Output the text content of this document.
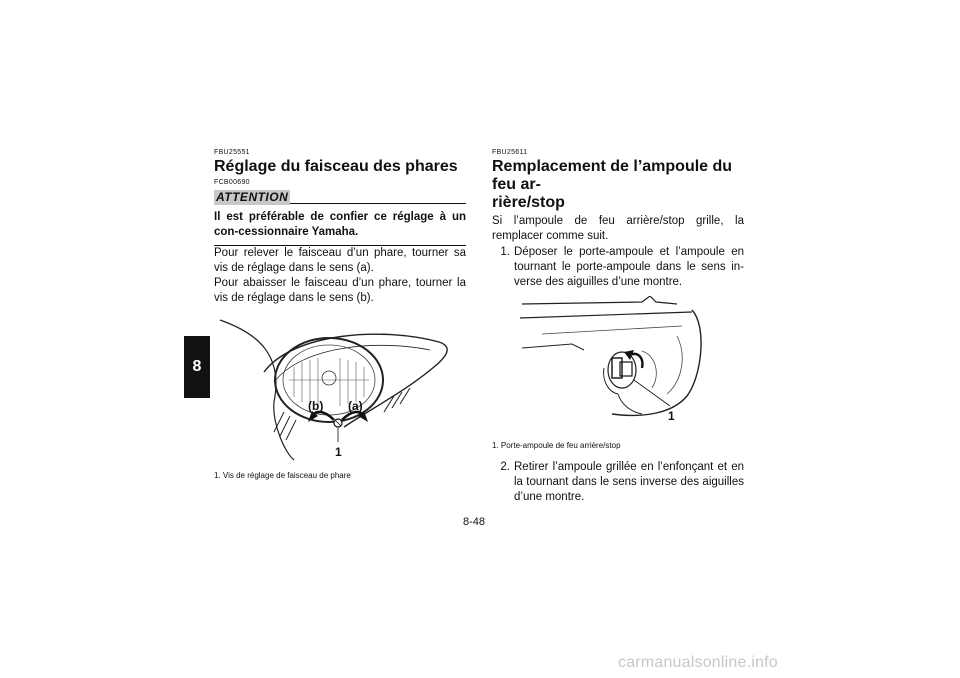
8

FBU25551

Réglage du faisceau des phares

FCB00690

ATTENTION

Il est préférable de confier ce réglage à un con-cessionnaire Yamaha.

Pour relever le faisceau d’un phare, tourner sa vis de réglage dans le sens (a).

Pour abaisser le faisceau d’un phare, tourner la vis de réglage dans le sens (b).

(b) (a)
1
1. Vis de réglage de faisceau de phare

FBU25611

Remplacement de l’ampoule du feu ar-
rière/stop

Si l’ampoule de feu arrière/stop grille, la remplacer comme suit.

1. Déposer le porte-ampoule et l’ampoule en tournant le porte-ampoule dans le sens in-verse des aiguilles d’une montre.
1
1. Porte-ampoule de feu arrière/stop
2. Retirer l’ampoule grillée en l’enfonçant et en la tournant dans le sens inverse des aiguilles d’une montre.
8-48
carmanualsonline.info
